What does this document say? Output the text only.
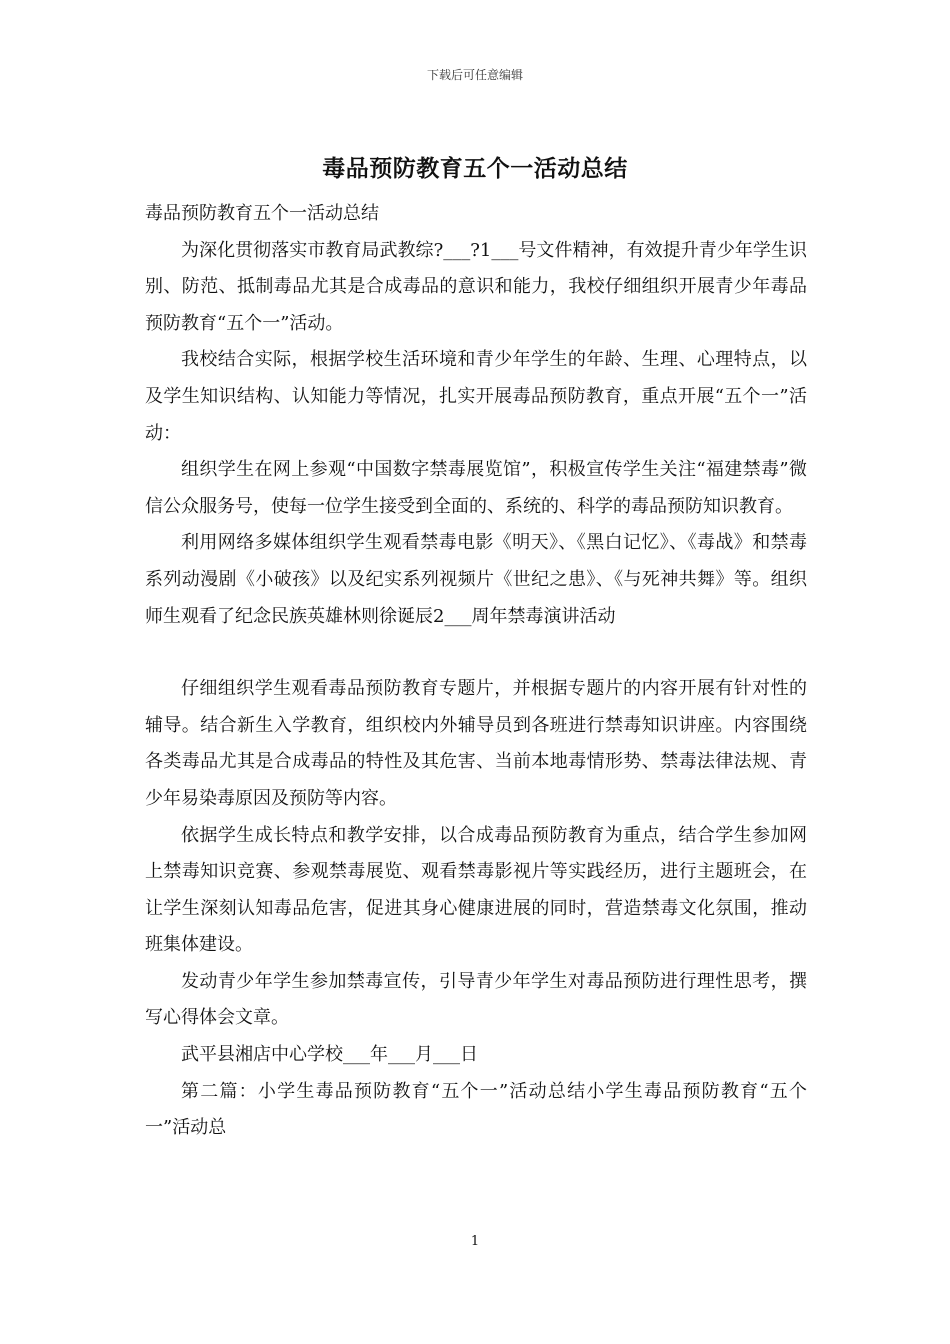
下载后可任意编辑
毒品预防教育五个一活动总结

毒品预防教育五个一活动总结

为深化贯彻落实市教育局武教综?___?1___号文件精神，有效提升青少年学生识别、防范、抵制毒品尤其是合成毒品的意识和能力，我校仔细组织开展青少年毒品预防教育“五个一”活动。

我校结合实际，根据学校生活环境和青少年学生的年龄、生理、心理特点，以及学生知识结构、认知能力等情况，扎实开展毒品预防教育，重点开展“五个一”活动：

组织学生在网上参观“中国数字禁毒展览馆”，积极宣传学生关注“福建禁毒”微信公众服务号，使每一位学生接受到全面的、系统的、科学的毒品预防知识教育。

利用网络多媒体组织学生观看禁毒电影《明天》、《黑白记忆》、《毒战》和禁毒系列动漫剧《小破孩》以及纪实系列视频片《世纪之患》、《与死神共舞》等。组织师生观看了纪念民族英雄林则徐诞辰2___周年禁毒演讲活动

仔细组织学生观看毒品预防教育专题片，并根据专题片的内容开展有针对性的辅导。结合新生入学教育，组织校内外辅导员到各班进行禁毒知识讲座。内容围绕各类毒品尤其是合成毒品的特性及其危害、当前本地毒情形势、禁毒法律法规、青少年易染毒原因及预防等内容。

依据学生成长特点和教学安排，以合成毒品预防教育为重点，结合学生参加网上禁毒知识竞赛、参观禁毒展览、观看禁毒影视片等实践经历，进行主题班会，在让学生深刻认知毒品危害，促进其身心健康进展的同时，营造禁毒文化氛围，推动班集体建设。

发动青少年学生参加禁毒宣传，引导青少年学生对毒品预防进行理性思考，撰写心得体会文章。

武平县湘店中心学校___年___月___日

第二篇：小学生毒品预防教育“五个一”活动总结小学生毒品预防教育“五个一”活动总

1
